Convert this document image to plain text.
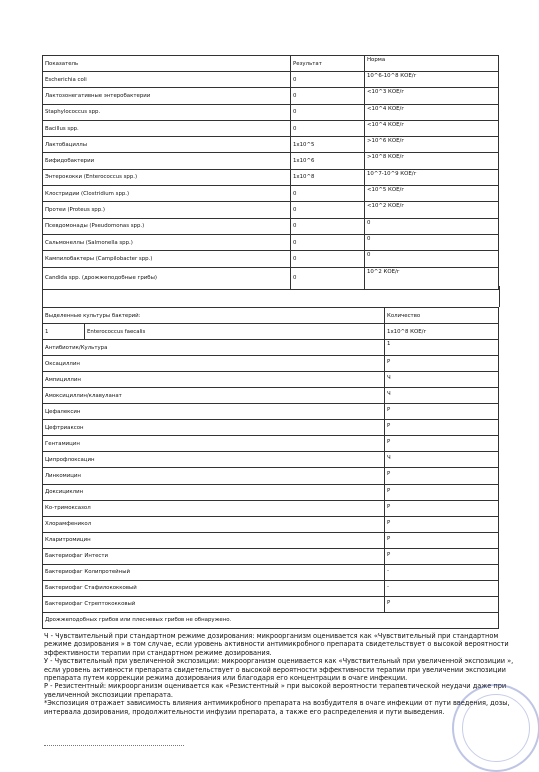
Показатель	Результат	Норма
Escherichia coli	0	10^6-10^8 КОЕ/г
Лактозонегативные энтеробактерии	0	<10^3 КОЕ/г
Staphylococcus spp.	0	<10^4 КОЕ/г
Bacillus spp.	0	<10^4 КОЕ/г
Лактобациллы	1x10^5	>10^6 КОЕ/г
Бифидобактерии	1x10^6	>10^8 КОЕ/г
Энтерококки (Enterococcus spp.)	1x10^8	10^7-10^9 КОЕ/г
Клостридии (Clostridium spp.)	0	<10^5 КОЕ/г
Протеи (Proteus spp.)	0	<10^2 КОЕ/г
Псевдомонады (Pseudomonas spp.)	0	0
Сальмонеллы (Salmonella spp.)	0	0
Кампилобактеры (Campilobacter spp.)	0	0
Candida spp. (дрожжеподобные грибы)	0	10^2 КОЕ/г
Выделенные культуры бактерий:		Количество
1	Enterococcus faecalis	1x10^8 КОЕ/г
Антибиотик/Культура		1
Оксациллин		Р
Ампициллин		Ч
Амоксициллин/клавуланат		Ч
Цефалексин		Р
Цефтриаксон		Р
Гентамицин		Р
Ципрофлоксацин		Ч
Линкомицин		Р
Доксициклин		Р
Ко-тримоксазол		Р
Хлорамфеникол		Р
Кларитромицин		Р
Бактериофаг Интести		Р
Бактериофаг Колипротейный		-
Бактериофаг Стафилококковый		-
Бактериофаг Стрептококковый		Р
Дрожжеподобных грибов или плесневых грибов не обнаружено.		

Ч - Чувствительный при стандартном режиме дозирования: микроорганизм оценивается как «Чувствительный при стандартном режиме дозирования » в том случае, если уровень активности антимикробного препарата свидетельствует о высокой вероятности эффективности терапии при стандартном режиме дозирования.

У - Чувствительный при увеличенной экспозиции: микроорганизм оценивается как «Чувствительный при увеличенной экспозиции », если уровень активности препарата свидетельствует о высокой вероятности эффективности терапии при увеличении экспозиции препарата путем коррекции режима дозирования или благодаря его концентрации в очаге инфекции.

Р - Резистентный: микроорганизм оценивается как «Резистентный » при высокой вероятности терапевтической неудачи даже при увеличенной экспозиции препарата.

*Экспозиция отражает зависимость влияния антимикробного препарата на возбудителя в очаге инфекции от пути введения, дозы, интервала дозирования, продолжительности инфузии препарата, а также его распределения и пути выведения.
